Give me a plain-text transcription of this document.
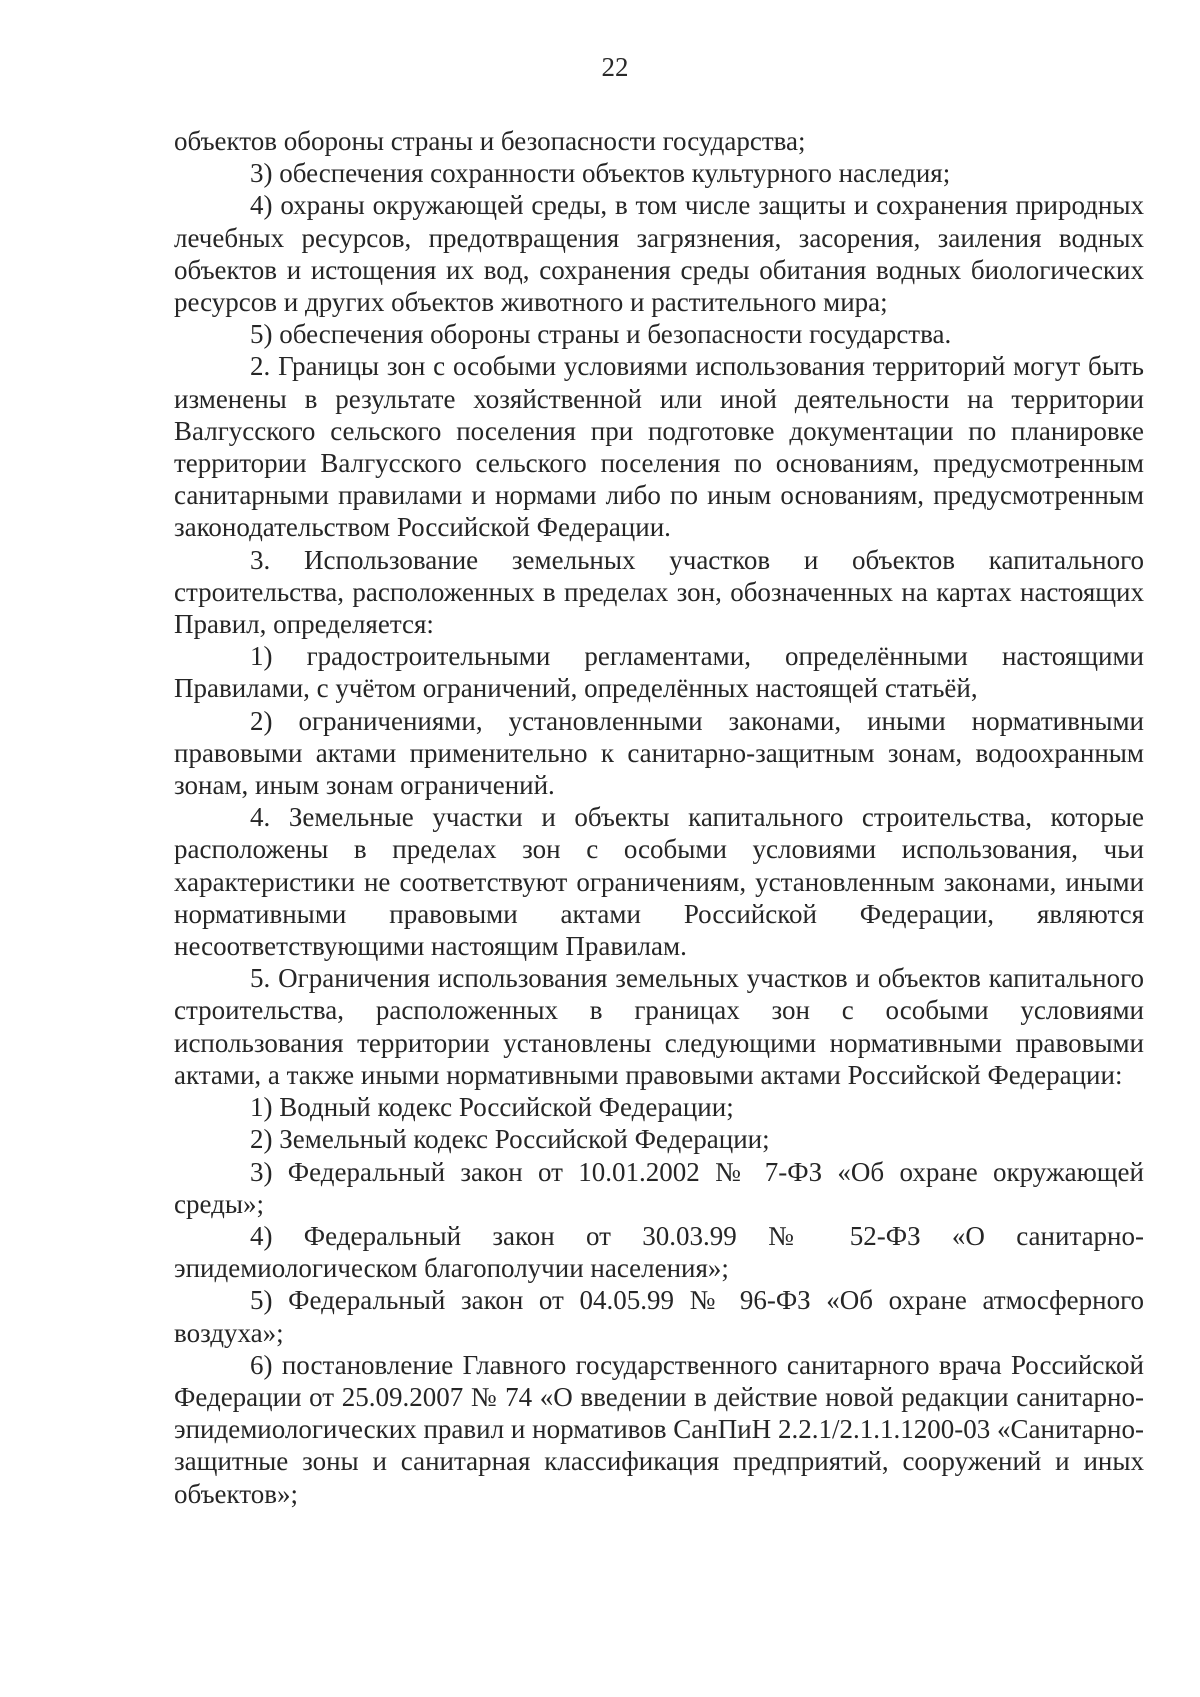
22

объектов обороны страны и безопасности государства;

3) обеспечения сохранности объектов культурного наследия;

4) охраны окружающей среды, в том числе защиты и сохранения природных лечебных ресурсов, предотвращения загрязнения, засорения, заиления водных объектов и истощения их вод, сохранения среды обитания водных биологических ресурсов и других объектов животного и растительного мира;

5) обеспечения обороны страны и безопасности государства.

2. Границы зон с особыми условиями использования территорий могут быть изменены в результате хозяйственной или иной деятельности на территории Валгусского сельского поселения при подготовке документации по планировке территории Валгусского сельского поселения по основаниям, предусмотренным санитарными правилами и нормами либо по иным основаниям, предусмотренным законодательством Российской Федерации.

3. Использование земельных участков и объектов капитального строительства, расположенных в пределах зон, обозначенных на картах настоящих Правил, определяется:

1) градостроительными регламентами, определёнными настоящими Правилами, с учётом ограничений, определённых настоящей статьёй,

2) ограничениями, установленными законами, иными нормативными правовыми актами применительно к санитарно-защитным зонам, водоохранным зонам, иным зонам ограничений.

4. Земельные участки и объекты капитального строительства, которые расположены в пределах зон с особыми условиями использования, чьи характеристики не соответствуют ограничениям, установленным законами, иными нормативными правовыми актами Российской Федерации, являются несоответствующими настоящим Правилам.

5. Ограничения использования земельных участков и объектов капитального строительства, расположенных в границах зон с особыми условиями использования территории установлены следующими нормативными правовыми актами, а также иными нормативными правовыми актами Российской Федерации:

1) Водный кодекс Российской Федерации;

2) Земельный кодекс Российской Федерации;

3) Федеральный закон от 10.01.2002 № 7-ФЗ «Об охране окружающей среды»;

4) Федеральный закон от 30.03.99 № 52-ФЗ «О санитарно-эпидемиологическом благополучии населения»;

5) Федеральный закон от 04.05.99 № 96-ФЗ «Об охране атмосферного воздуха»;

6) постановление Главного государственного санитарного врача Российской Федерации от 25.09.2007 № 74 «О введении в действие новой редакции санитарно-эпидемиологических правил и нормативов СанПиН 2.2.1/2.1.1.1200-03 «Санитарно-защитные зоны и санитарная классификация предприятий, сооружений и иных объектов»;
